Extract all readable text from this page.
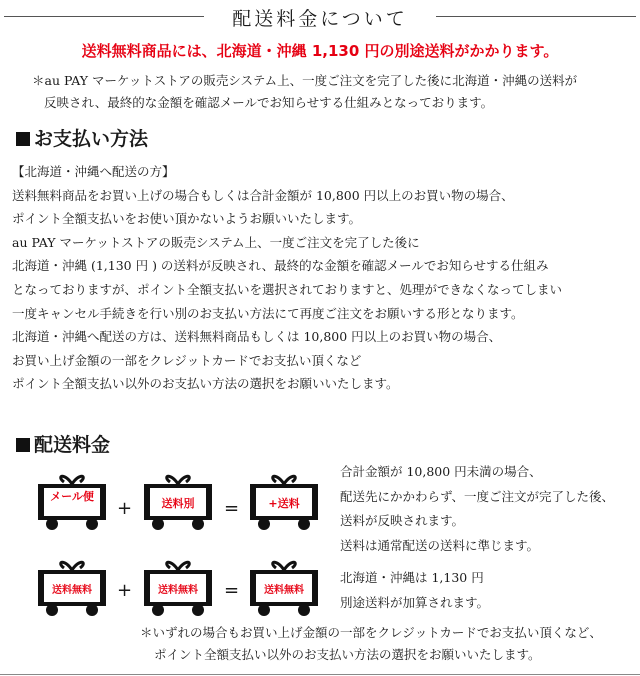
配送料金について
送料無料商品には、北海道・沖縄 1,130 円の別途送料がかかります。
＊au PAY マーケットストアの販売システム上、一度ご注文を完了した後に北海道・沖縄の送料が
反映され、最終的な金額を確認メールでお知らせする仕組みとなっております。
お支払い方法
【北海道・沖縄へ配送の方】
送料無料商品をお買い上げの場合もしくは合計金額が 10,800 円以上のお買い物の場合、
ポイント全額支払いをお使い頂かないようお願いいたします。
au PAY マーケットストアの販売システム上、一度ご注文を完了した後に
北海道・沖縄 (1,130 円 ) の送料が反映され、最終的な金額を確認メールでお知らせする仕組み
となっておりますが、ポイント全額支払いを選択されておりますと、処理ができなくなってしまい
一度キャンセル手続きを行い別のお支払い方法にて再度ご注文をお願いする形となります。
北海道・沖縄へ配送の方は、送料無料商品もしくは 10,800 円以上のお買い物の場合、
お買い上げ金額の一部をクレジットカードでお支払い頂くなど
ポイント全額支払い以外のお支払い方法の選択をお願いいたします。
配送料金
メール便
+	送料別 =	+送料
合計金額が 10,800 円未満の場合、
配送先にかかわらず、一度ご注文が完了した後、
送料が反映されます。
送料は通常配送の送料に準じます。
送料無料 +	送料無料 = 送料無料
北海道・沖縄は 1,130 円
別途送料が加算されます。
＊いずれの場合もお買い上げ金額の一部をクレジットカードでお支払い頂くなど、
ポイント全額支払い以外のお支払い方法の選択をお願いいたします。
